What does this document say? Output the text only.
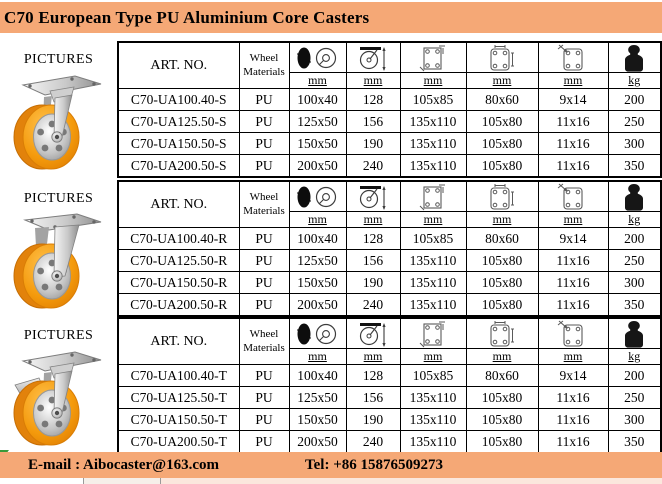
C70 European Type PU Aluminium Core Casters
PICTURES	ART. NO.	Wheel
Materials

		mm	mm	mm	mm	mm	kg
C70-UA100.40-S	PU	100x40	128	105x85	80x60	9x14	200
C70-UA125.50-S	PU	125x50	156	135x110	105x80	11x16	250
C70-UA150.50-S	PU	150x50	190	135x110	105x80	11x16	300
C70-UA200.50-S	PU	200x50	240	135x110	105x80	11x16	350
PICTURES	ART. NO.	Wheel
Materials

		mm	mm	mm	mm	mm	kg
C70-UA100.40-R	PU	100x40	128	105x85	80x60	9x14	200
C70-UA125.50-R	PU	125x50	156	135x110	105x80	11x16	250
C70-UA150.50-R	PU	150x50	190	135x110	105x80	11x16	300
C70-UA200.50-R	PU	200x50	240	135x110	105x80	11x16	350
PICTURES	ART. NO.	Wheel
Materials

		mm	mm	mm	mm	mm	kg
C70-UA100.40-T	PU	100x40	128	105x85	80x60	9x14	200
C70-UA125.50-T	PU	125x50	156	135x110	105x80	11x16	250
C70-UA150.50-T	PU	150x50	190	135x110	105x80	11x16	300
C70-UA200.50-T	PU	200x50	240	135x110	105x80	11x16	350
E-mail : Aibocaster@163.com	Tel: +86 15876509273
